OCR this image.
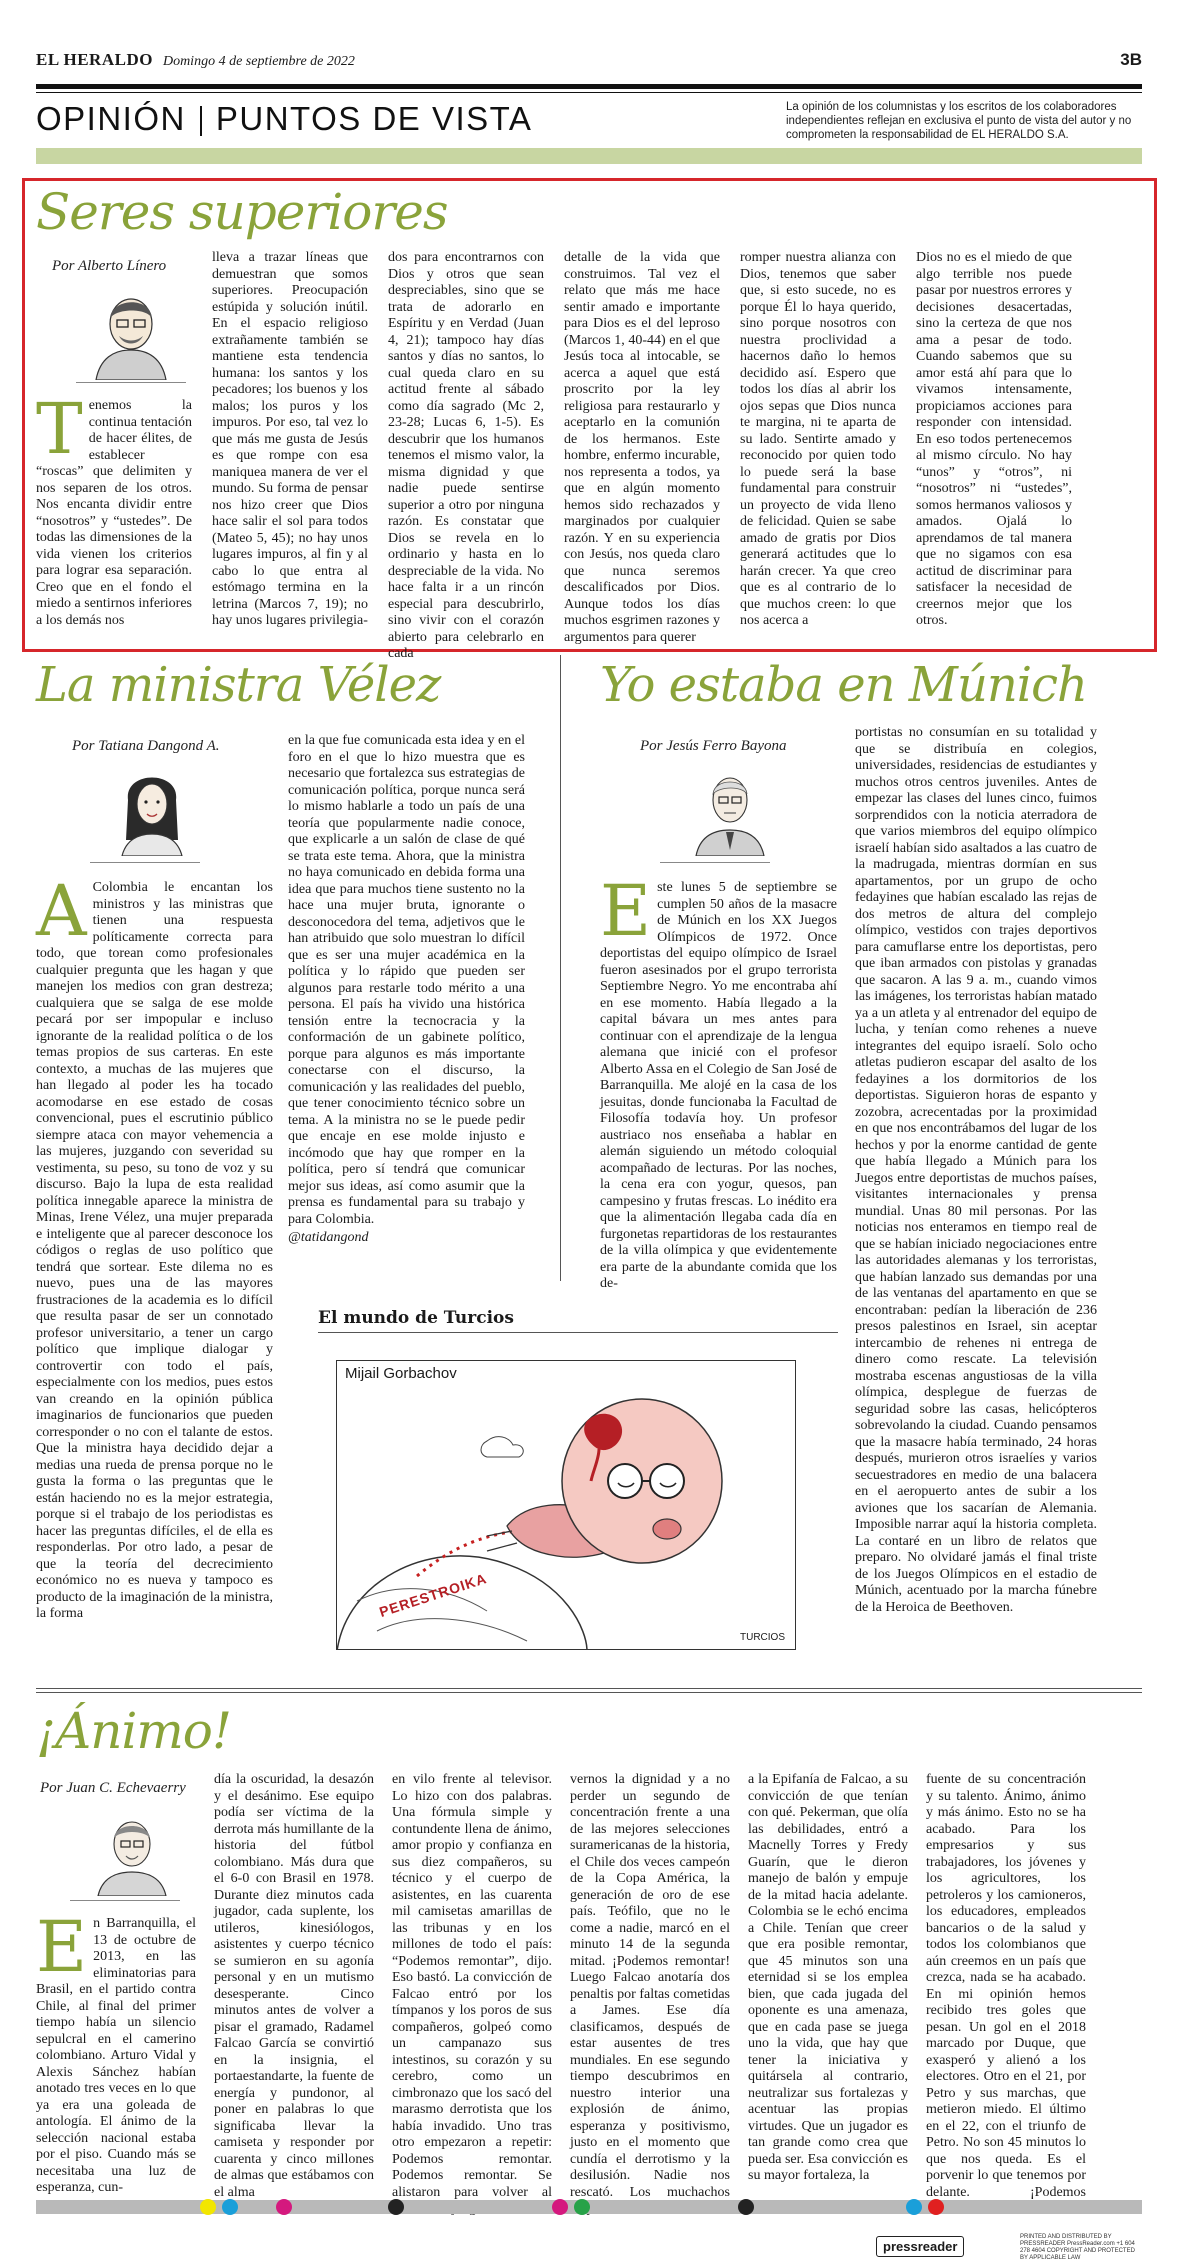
EL HERALDO Domingo 4 de septiembre de 2022	3B
OPINIÓN PUNTOS DE VISTA	La opinión de los columnistas y los escritos de los colaboradores independientes reflejan en exclusiva el punto de vista del autor y no comprometen la responsabilidad de EL HERALDO S.A.
Seres superiores
Por Alberto Línero
T enemos la continua tentación de hacer élites, de establecer “roscas” que delimiten y nos separen de los otros. Nos encanta dividir entre “nosotros” y “ustedes”. De todas las dimensiones de la vida vienen los criterios para lograr esa separación. Creo que en el fondo el miedo a sentirnos inferiores a los demás nos
lleva a trazar líneas que demuestran que somos superiores. Preocupación estúpida y solución inútil. En el espacio religioso extrañamente también se mantiene esta tendencia humana: los santos y los pecadores; los buenos y los malos; los puros y los impuros. Por eso, tal vez lo que más me gusta de Jesús es que rompe con esa maniquea manera de ver el mundo. Su forma de pensar nos hizo creer que Dios hace salir el sol para todos (Mateo 5, 45); no hay unos lugares impuros, al fin y al cabo lo que entra al estómago termina en la letrina (Marcos 7, 19); no hay unos lugares privilegia-
dos para encontrarnos con Dios y otros que sean despreciables, sino que se trata de adorarlo en Espíritu y en Verdad (Juan 4, 21); tampoco hay días santos y días no santos, lo cual queda claro en su actitud frente al sábado como día sagrado (Mc 2, 23-28; Lucas 6, 1-5). Es descubrir que los humanos tenemos el mismo valor, la misma dignidad y que nadie puede sentirse superior a otro por ninguna razón. Es constatar que Dios se revela en lo ordinario y hasta en lo despreciable de la vida. No hace falta ir a un rincón especial para descubrirlo, sino vivir con el corazón abierto para celebrarlo en cada
detalle de la vida que construimos. Tal vez el relato que más me hace sentir amado e importante para Dios es el del leproso (Marcos 1, 40-44) en el que Jesús toca al intocable, se acerca a aquel que está proscrito por la ley religiosa para restaurarlo y aceptarlo en la comunión de los hermanos. Este hombre, enfermo incurable, nos representa a todos, ya que en algún momento hemos sido rechazados y marginados por cualquier razón. Y en su experiencia con Jesús, nos queda claro que nunca seremos descalificados por Dios. Aunque todos los días muchos esgrimen razones y argumentos para querer
romper nuestra alianza con Dios, tenemos que saber que, si esto sucede, no es porque Él lo haya querido, sino porque nosotros con nuestra proclividad a hacernos daño lo hemos decidido así. Espero que todos los días al abrir los ojos sepas que Dios nunca te margina, ni te aparta de su lado. Sentirte amado y reconocido por quien todo lo puede será la base fundamental para construir un proyecto de vida lleno de felicidad. Quien se sabe amado de gratis por Dios generará actitudes que lo harán crecer. Ya que creo que es al contrario de lo que muchos creen: lo que nos acerca a
Dios no es el miedo de que algo terrible nos puede pasar por nuestros errores y decisiones desacertadas, sino la certeza de que nos ama a pesar de todo. Cuando sabemos que su amor está ahí para que lo vivamos intensamente, propiciamos acciones para responder con intensidad. En eso todos pertenecemos al mismo círculo. No hay “unos” y “otros”, ni “nosotros” ni “ustedes”, somos hermanos valiosos y amados. Ojalá lo aprendamos de tal manera que no sigamos con esa actitud de discriminar para satisfacer la necesidad de creernos mejor que los otros.
La ministra Vélez
Por Tatiana Dangond A.
A Colombia le encantan los ministros y las ministras que tienen una respuesta políticamente correcta para todo, que torean como profesionales cualquier pregunta que les hagan y que manejen los medios con gran destreza; cualquiera que se salga de ese molde pecará por ser impopular e incluso ignorante de la realidad política o de los temas propios de sus carteras. En este contexto, a muchas de las mujeres que han llegado al poder les ha tocado acomodarse en ese estado de cosas convencional, pues el escrutinio público siempre ataca con mayor vehemencia a las mujeres, juzgando con severidad su vestimenta, su peso, su tono de voz y su discurso. Bajo la lupa de esta realidad política innegable aparece la ministra de Minas, Irene Vélez, una mujer preparada e inteligente que al parecer desconoce los códigos o reglas de uso político que tendrá que sortear. Este dilema no es nuevo, pues una de las mayores frustraciones de la academia es lo difícil que resulta pasar de ser un connotado profesor universitario, a tener un cargo político que implique dialogar y controvertir con todo el país, especialmente con los medios, pues estos van creando en la opinión pública imaginarios de funcionarios que pueden corresponder o no con el talante de estos. Que la ministra haya decidido dejar a medias una rueda de prensa porque no le gusta la forma o las preguntas que le están haciendo no es la mejor estrategia, porque si el trabajo de los periodistas es hacer las preguntas difíciles, el de ella es responderlas. Por otro lado, a pesar de que la teoría del decrecimiento económico no es nueva y tampoco es producto de la imaginación de la ministra, la forma
en la que fue comunicada esta idea y en el foro en el que lo hizo muestra que es necesario que fortalezca sus estrategias de comunicación política, porque nunca será lo mismo hablarle a todo un país de una teoría que popularmente nadie conoce, que explicarle a un salón de clase de qué se trata este tema. Ahora, que la ministra no haya comunicado en debida forma una idea que para muchos tiene sustento no la hace una mujer bruta, ignorante o desconocedora del tema, adjetivos que le han atribuido que solo muestran lo difícil que es ser una mujer académica en la política y lo rápido que pueden ser algunos para restarle todo mérito a una persona. El país ha vivido una histórica tensión entre la tecnocracia y la conformación de un gabinete político, porque para algunos es más importante conectarse con el discurso, la comunicación y las realidades del pueblo, que tener conocimiento técnico sobre un tema. A la ministra no se le puede pedir que encaje en ese molde injusto e incómodo que hay que romper en la política, pero sí tendrá que comunicar mejor sus ideas, así como asumir que la prensa es fundamental para su trabajo y para Colombia.
@tatidangond
Yo estaba en Múnich
Por Jesús Ferro Bayona
E ste lunes 5 de septiembre se cumplen 50 años de la masacre de Múnich en los XX Juegos Olímpicos de 1972. Once deportistas del equipo olímpico de Israel fueron asesinados por el grupo terrorista Septiembre Negro. Yo me encontraba ahí en ese momento. Había llegado a la capital bávara un mes antes para continuar con el aprendizaje de la lengua alemana que inicié con el profesor Alberto Assa en el Colegio de San José de Barranquilla. Me alojé en la casa de los jesuitas, donde funcionaba la Facultad de Filosofía todavía hoy. Un profesor austriaco nos enseñaba a hablar en alemán siguiendo un método coloquial acompañado de lecturas. Por las noches, la cena era con yogur, quesos, pan campesino y frutas frescas. Lo inédito era que la alimentación llegaba cada día en furgonetas repartidoras de los restaurantes de la villa olímpica y que evidentemente era parte de la abundante comida que los de-
portistas no consumían en su totalidad y que se distribuía en colegios, universidades, residencias de estudiantes y muchos otros centros juveniles. Antes de empezar las clases del lunes cinco, fuimos sorprendidos con la noticia aterradora de que varios miembros del equipo olímpico israelí habían sido asaltados a las cuatro de la madrugada, mientras dormían en sus apartamentos, por un grupo de ocho fedayines que habían escalado las rejas de dos metros de altura del complejo olímpico, vestidos con trajes deportivos para camuflarse entre los deportistas, pero que iban armados con pistolas y granadas que sacaron. A las 9 a. m., cuando vimos las imágenes, los terroristas habían matado ya a un atleta y al entrenador del equipo de lucha, y tenían como rehenes a nueve integrantes del equipo israelí. Solo ocho atletas pudieron escapar del asalto de los fedayines a los dormitorios de los deportistas. Siguieron horas de espanto y zozobra, acrecentadas por la proximidad en que nos encontrábamos del lugar de los hechos y por la enorme cantidad de gente que había llegado a Múnich para los Juegos entre deportistas de muchos países, visitantes internacionales y prensa mundial. Unas 80 mil personas. Por las noticias nos enteramos en tiempo real de que se habían iniciado negociaciones entre las autoridades alemanas y los terroristas, que habían lanzado sus demandas por una de las ventanas del apartamento en que se encontraban: pedían la liberación de 236 presos palestinos en Israel, sin aceptar intercambio de rehenes ni entrega de dinero como rescate. La televisión mostraba escenas angustiosas de la villa olímpica, desplegue de fuerzas de seguridad sobre las casas, helicópteros sobrevolando la ciudad. Cuando pensamos que la masacre había terminado, 24 horas después, murieron otros israelíes y varios secuestradores en medio de una balacera en el aeropuerto antes de subir a los aviones que los sacarían de Alemania. Imposible narrar aquí la historia completa. La contaré en un libro de relatos que preparo. No olvidaré jamás el final triste de los Juegos Olímpicos en el estadio de Múnich, acentuado por la marcha fúnebre de la Heroica de Beethoven.
El mundo de Turcios
Mijail Gorbachov
PERESTROIKA
TURCIOS
¡Ánimo!
Por Juan C. Echevaerry
E n Barranquilla, el 13 de octubre de 2013, en las eliminatorias para Brasil, en el partido contra Chile, al final del primer tiempo había un silencio sepulcral en el camerino colombiano. Arturo Vidal y Alexis Sánchez habían anotado tres veces en lo que ya era una goleada de antología. El ánimo de la selección nacional estaba por el piso. Cuando más se necesitaba una luz de esperanza, cun-
día la oscuridad, la desazón y el desánimo. Ese equipo podía ser víctima de la derrota más humillante de la historia del fútbol colombiano. Más dura que el 6-0 con Brasil en 1978. Durante diez minutos cada jugador, cada suplente, los utileros, kinesiólogos, asistentes y cuerpo técnico se sumieron en su agonía personal y en un mutismo desesperante. Cinco minutos antes de volver a pisar el gramado, Radamel Falcao García se convirtió en la insignia, el portaestandarte, la fuente de energía y pundonor, al poner en palabras lo que significaba llevar la camiseta y responder por cuarenta y cinco millones de almas que estábamos con el alma
en vilo frente al televisor. Lo hizo con dos palabras. Una fórmula simple y contundente llena de ánimo, amor propio y confianza en sus diez compañeros, su técnico y el cuerpo de asistentes, en las cuarenta mil camisetas amarillas de las tribunas y en los millones de todo el país: “Podemos remontar”, dijo. Eso bastó. La convicción de Falcao entró por los tímpanos y los poros de sus compañeros, golpeó como un campanazo sus intestinos, su corazón y su cerebro, como un cimbronazo que los sacó del marasmo derrotista que los había invadido. Uno tras otro empezaron a repetir: Podemos remontar. Podemos remontar. Se alistaron para volver al
vernos la dignidad y a no perder un segundo de concentración frente a una de las mejores selecciones suramericanas de la historia, el Chile dos veces campeón de la Copa América, la generación de oro de ese país. Teófilo, que no le come a nadie, marcó en el minuto 14 de la segunda mitad. ¡Podemos remontar! Luego Falcao anotaría dos penaltis por faltas cometidas a James. Ese día clasificamos, después de estar ausentes de tres mundiales. En ese segundo tiempo descubrimos en nuestro interior una explosión de ánimo, esperanza y positivismo, justo en el momento que cundía el derrotismo y la desilusión. Nadie nos rescató. Los muchachos
a la Epifanía de Falcao, a su convicción de que tenían con qué. Pekerman, que olía las debilidades, entró a Macnelly Torres y Fredy Guarín, que le dieron manejo de balón y empuje de la mitad hacia adelante. Colombia se le echó encima a Chile. Tenían que creer que era posible remontar, que 45 minutos son una eternidad si se los emplea bien, que cada jugada del oponente es una amenaza, que en cada pase se juega uno la vida, que hay que tener la iniciativa y quitársela al contrario, neutralizar sus fortalezas y acentuar las propias virtudes. Que un jugador es tan grande como crea que pueda ser. Esa convicción es su mayor fortaleza, la
fuente de su concentración y su talento. Ánimo, ánimo y más ánimo. Esto no se ha acabado. Para los empresarios y sus trabajadores, los jóvenes y los agricultores, los petroleros y los camioneros, los educadores, empleados bancarios o de la salud y todos los colombianos que aún creemos en un país que crezca, nada se ha acabado. En mi opinión hemos recibido tres goles que pesan. Un gol en el 2018 marcado por Duque, que exasperó y alienó a los electores. Otro en el 21, por Petro y sus marchas, que metieron miedo. El último en el 22, con el triunfo de Petro. No son 45 minutos lo que nos queda. Es el porvenir lo que tenemos por delante. ¡Podemos
pressreader
PRINTED AND DISTRIBUTED BY PRESSREADER PressReader.com +1 604 278 4604 COPYRIGHT AND PROTECTED BY APPLICABLE LAW
